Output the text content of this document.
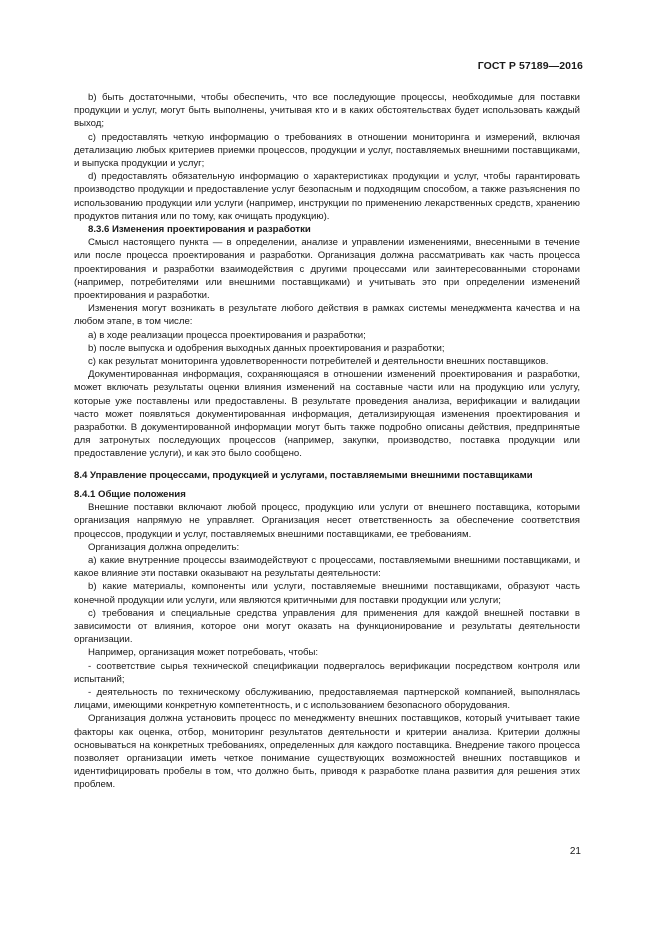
ГОСТ Р 57189—2016

b) быть достаточными, чтобы обеспечить, что все последующие процессы, необходимые для поставки продукции и услуг, могут быть выполнены, учитывая кто и в каких обстоятельствах будет использовать каждый выход;

c) предоставлять четкую информацию о требованиях в отношении мониторинга и измерений, включая детализацию любых критериев приемки процессов, продукции и услуг, поставляемых внешними поставщиками, и выпуска продукции и услуг;

d) предоставлять обязательную информацию о характеристиках продукции и услуг, чтобы гарантировать производство продукции и предоставление услуг безопасным и подходящим способом, а также разъяснения по использованию продукции или услуги (например, инструкции по применению лекарственных средств, хранению продуктов питания или по тому, как очищать продукцию).

8.3.6 Изменения проектирования и разработки

Смысл настоящего пункта — в определении, анализе и управлении изменениями, внесенными в течение или после процесса проектирования и разработки. Организация должна рассматривать как часть процесса проектирования и разработки взаимодействия с другими процессами или заинтересованными сторонами (например, потребителями или внешними поставщиками) и учитывать это при определении изменений проектирования и разработки.

Изменения могут возникать в результате любого действия в рамках системы менеджмента качества и на любом этапе, в том числе:

a) в ходе реализации процесса проектирования и разработки;

b) после выпуска и одобрения выходных данных проектирования и разработки;

c) как результат мониторинга удовлетворенности потребителей и деятельности внешних поставщиков.

Документированная информация, сохраняющаяся в отношении изменений проектирования и разработки, может включать результаты оценки влияния изменений на составные части или на продукцию или услугу, которые уже поставлены или предоставлены. В результате проведения анализа, верификации и валидации часто может появляться документированная информация, детализирующая изменения проектирования и разработки. В документированной информации могут быть также подробно описаны действия, предпринятые для затронутых последующих процессов (например, закупки, производство, поставка продукции или предоставление услуги), и как это было сообщено.

8.4 Управление процессами, продукцией и услугами, поставляемыми внешними поставщиками

8.4.1 Общие положения

Внешние поставки включают любой процесс, продукцию или услуги от внешнего поставщика, которыми организация напрямую не управляет. Организация несет ответственность за обеспечение соответствия процессов, продукции и услуг, поставляемых внешними поставщиками, ее требованиям.

Организация должна определить:

a) какие внутренние процессы взаимодействуют с процессами, поставляемыми внешними поставщиками, и какое влияние эти поставки оказывают на результаты деятельности:

b) какие материалы, компоненты или услуги, поставляемые внешними поставщиками, образуют часть конечной продукции или услуги, или являются критичными для поставки продукции или услуги;

c) требования и специальные средства управления для применения для каждой внешней поставки в зависимости от влияния, которое они могут оказать на функционирование и результаты деятельности организации.

Например, организация может потребовать, чтобы:

- соответствие сырья технической спецификации подвергалось верификации посредством контроля или испытаний;

- деятельность по техническому обслуживанию, предоставляемая партнерской компанией, выполнялась лицами, имеющими конкретную компетентность, и с использованием безопасного оборудования.

Организация должна установить процесс по менеджменту внешних поставщиков, который учитывает такие факторы как оценка, отбор, мониторинг результатов деятельности и критерии анализа. Критерии должны основываться на конкретных требованиях, определенных для каждого поставщика. Внедрение такого процесса позволяет организации иметь четкое понимание существующих возможностей внешних поставщиков и идентифицировать пробелы в том, что должно быть, приводя к разработке плана развития для решения этих проблем.

21
